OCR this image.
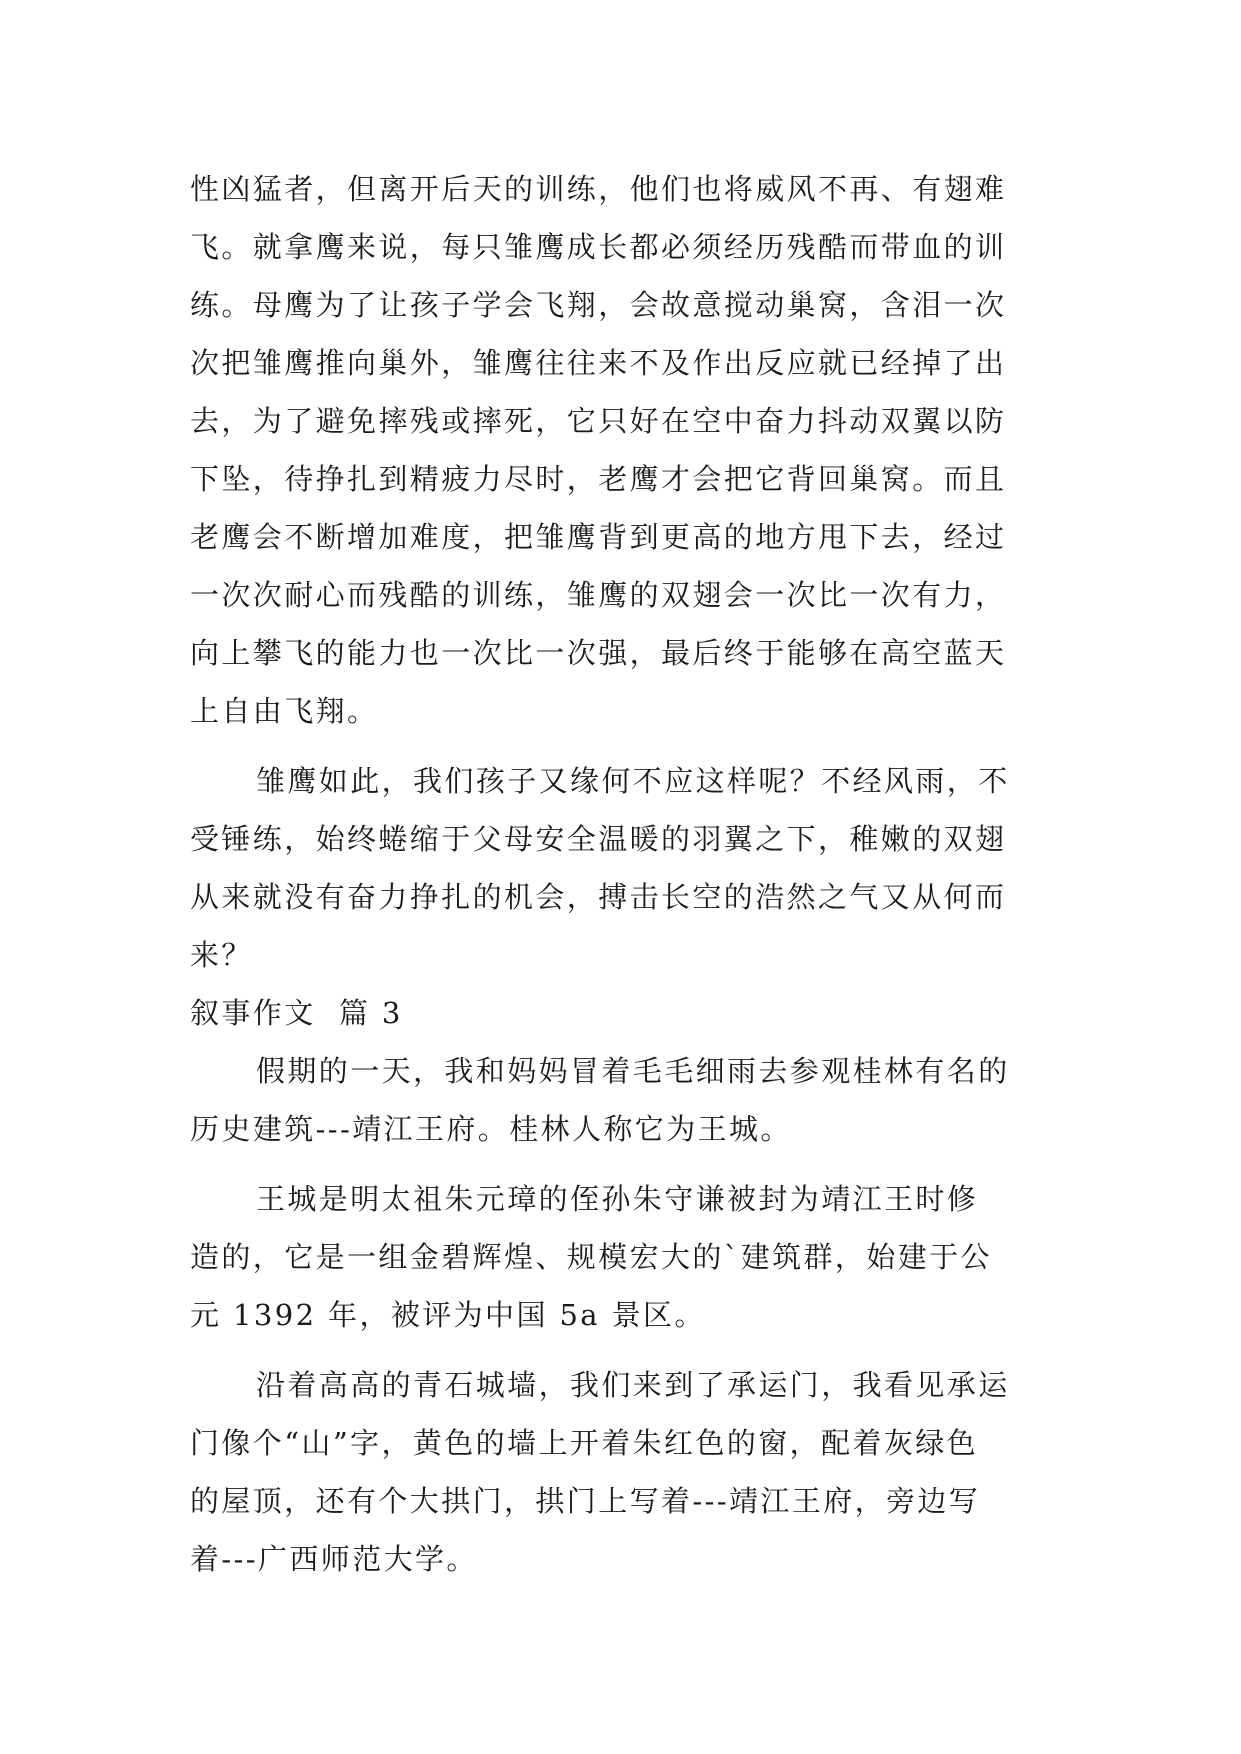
性凶猛者，但离开后天的训练，他们也将威风不再、有翅难
飞。就拿鹰来说，每只雏鹰成长都必须经历残酷而带血的训
练。母鹰为了让孩子学会飞翔，会故意搅动巢窝，含泪一次
次把雏鹰推向巢外，雏鹰往往来不及作出反应就已经掉了出
去，为了避免摔残或摔死，它只好在空中奋力抖动双翼以防
下坠，待挣扎到精疲力尽时，老鹰才会把它背回巢窝。而且
老鹰会不断增加难度，把雏鹰背到更高的地方甩下去，经过
一次次耐心而残酷的训练，雏鹰的双翅会一次比一次有力，
向上攀飞的能力也一次比一次强，最后终于能够在高空蓝天
上自由飞翔。
雏鹰如此，我们孩子又缘何不应这样呢？不经风雨，不
受锤练，始终蜷缩于父母安全温暖的羽翼之下，稚嫩的双翅
从来就没有奋力挣扎的机会，搏击长空的浩然之气又从何而
来？
叙事作文  篇 3
假期的一天，我和妈妈冒着毛毛细雨去参观桂林有名的
历史建筑---靖江王府。桂林人称它为王城。
王城是明太祖朱元璋的侄孙朱守谦被封为靖江王时修
造的，它是一组金碧辉煌、规模宏大的`建筑群，始建于公
元 1392 年，被评为中国 5a 景区。
沿着高高的青石城墙，我们来到了承运门，我看见承运
门像个“山”字，黄色的墙上开着朱红色的窗，配着灰绿色
的屋顶，还有个大拱门，拱门上写着---靖江王府，旁边写
着---广西师范大学。
